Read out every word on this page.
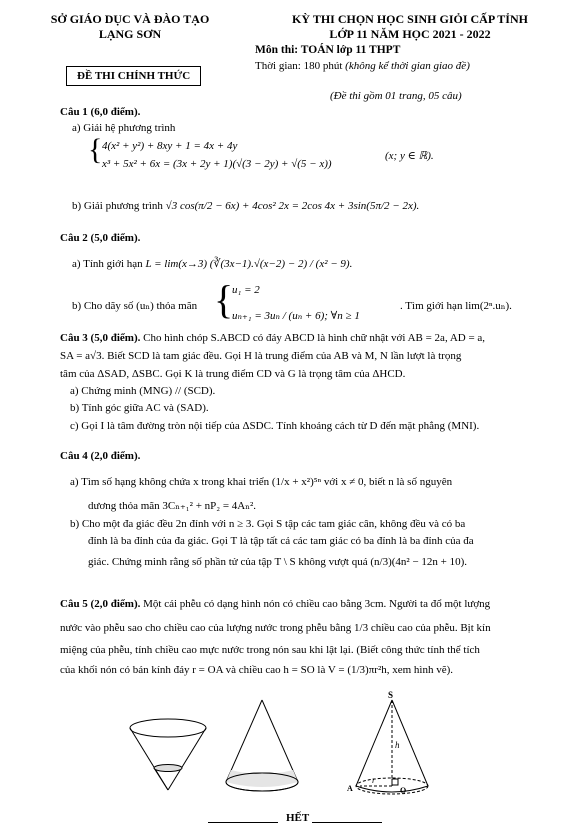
SỞ GIÁO DỤC VÀ ĐÀO TẠO
LẠNG SƠN
KỲ THI CHỌN HỌC SINH GIỎI CẤP TỈNH
LỚP 11 NĂM HỌC 2021 - 2022
Môn thi: TOÁN lớp 11 THPT
ĐỀ THI CHÍNH THỨC
Thời gian: 180 phút (không kể thời gian giao đề)
(Đề thi gồm 01 trang, 05 câu)
Câu 1 (6,0 điểm).
a) Giải hệ phương trình
{ 4(x² + y²) + 8xy + 1 = 4x + 4y
x³ + 5x² + 6x = (3x + 2y + 1)(√(3 − 2y) + √(5 − x))
(x; y ∈ ℝ).
b) Giải phương trình √3 cos(π/2 − 6x) + 4cos² 2x = 2cos 4x + 3sin(5π/2 − 2x).
Câu 2 (5,0 điểm).
a) Tính giới hạn L = lim(x→3) (∛(3x−1).√(x−2) − 2) / (x² − 9).
b) Cho dãy số (uₙ) thỏa mãn {
u₁ = 2
uₙ₊₁ = 3uₙ / (uₙ + 6); ∀n ≥ 1
. Tìm giới hạn lim(2ⁿ.uₙ).
Câu 3 (5,0 điểm). Cho hình chóp S.ABCD có đáy ABCD là hình chữ nhật với AB = 2a, AD = a,
SA = a√3. Biết SCD là tam giác đều. Gọi H là trung điểm của AB và M, N lần lượt là trọng
tâm của ΔSAD, ΔSBC. Gọi K là trung điểm CD và G là trọng tâm của ΔHCD.
a) Chứng minh (MNG) // (SCD).
b) Tính góc giữa AC và (SAD).
c) Gọi I là tâm đường tròn nội tiếp của ΔSDC. Tính khoảng cách từ D đến mặt phẳng (MNI).
Câu 4 (2,0 điểm).
a) Tìm số hạng không chứa x trong khai triển (1/x + x²)⁵ⁿ với x ≠ 0, biết n là số nguyên
dương thỏa mãn 3Cₙ₊₁² + nP₂ = 4Aₙ².
b) Cho một đa giác đều 2n đỉnh với n ≥ 3. Gọi S tập các tam giác cân, không đều và có ba
đỉnh là ba đỉnh của đa giác. Gọi T là tập tất cả các tam giác có ba đỉnh là ba đỉnh của đa
giác. Chứng minh rằng số phần tử của tập T \ S không vượt quá (n/3)(4n² − 12n + 10).
Câu 5 (2,0 điểm). Một cái phễu có dạng hình nón có chiều cao bằng 3cm. Người ta đổ một lượng
nước vào phễu sao cho chiều cao của lượng nước trong phễu bằng 1/3 chiều cao của phễu. Bịt kín
miệng của phễu, tính chiều cao mực nước trong nón sau khi lật lại. (Biết công thức tính thể tích
của khối nón có bán kính đáy r = OA và chiều cao h = SO là V = (1/3)πr²h, xem hình vẽ).
S
h
r
A	O
HẾT
